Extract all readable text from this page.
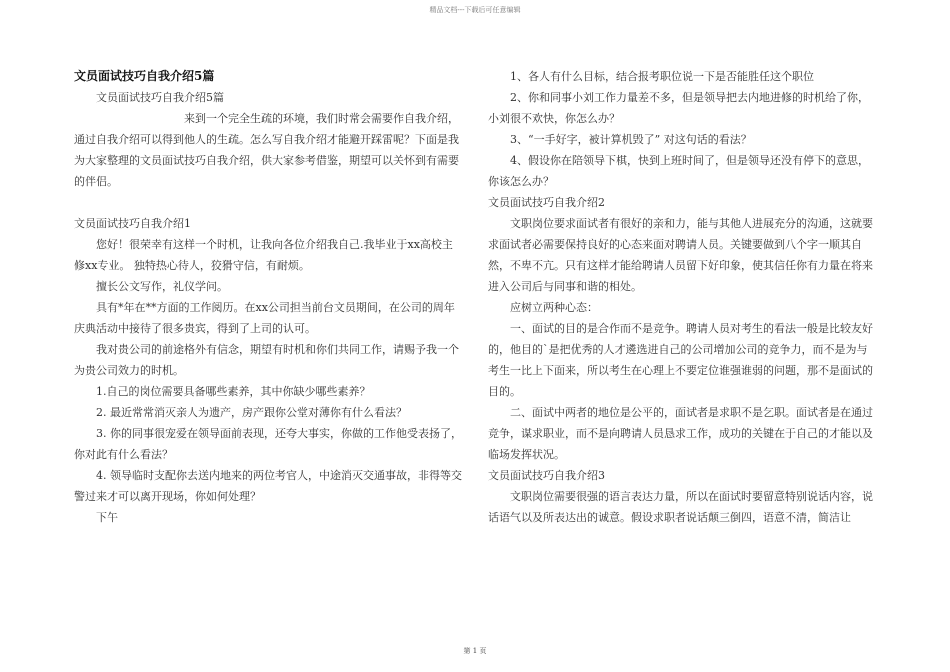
精品文档---下载后可任意编辑

文员面试技巧自我介绍5篇

文员面试技巧自我介绍5篇

来到一个完全生疏的环境，我们时常会需要作自我介绍，通过自我介绍可以得到他人的生疏。怎么写自我介绍才能避开踩雷呢？下面是我为大家整理的文员面试技巧自我介绍，供大家参考借鉴，期望可以关怀到有需要的伴侣。

文员面试技巧自我介绍1

您好！很荣幸有这样一个时机，让我向各位介绍我自己.我毕业于xx高校主修xx专业。 独特热心待人，狡猾守信，有耐烦。

擅长公文写作，礼仪学问。

具有*年在**方面的工作阅历。在xx公司担当前台文员期间，在公司的周年庆典活动中接待了很多贵宾，得到了上司的认可。

我对贵公司的前途格外有信念，期望有时机和你们共同工作，请赐予我一个为贵公司效力的时机。

1.自己的岗位需要具备哪些素养，其中你缺少哪些素养？

2. 最近常常消灭亲人为遗产，房产跟你公堂对薄你有什么看法？

3. 你的同事很宠爱在领导面前表现，还夸大事实，你做的工作他受表扬了，你对此有什么看法？

4. 领导临时支配你去送内地来的两位考官人，中途消灭交通事故，非得等交警过来才可以离开现场，你如何处理？

下午

1、各人有什么目标，结合报考职位说一下是否能胜任这个职位

2、你和同事小刘工作力量差不多，但是领导把去内地进修的时机给了你，小刘很不欢快，你怎么办？

3、“一手好字，被计算机毁了” 对这句话的看法？

4、假设你在陪领导下棋，快到上班时间了，但是领导还没有停下的意思，你该怎么办？

文员面试技巧自我介绍2

文职岗位要求面试者有很好的亲和力，能与其他人进展充分的沟通，这就要求面试者必需要保持良好的心态来面对聘请人员。关键要做到八个字一顺其自然，不卑不亢。只有这样才能给聘请人员留下好印象，使其信任你有力量在将来进入公司后与同事和谐的相处。

应树立两种心态：

一、面试的目的是合作而不是竞争。聘请人员对考生的看法一般是比较友好的，他目的`是把优秀的人才遴选进自己的公司增加公司的竞争力，而不是为与考生一比上下面来，所以考生在心理上不要定位谁强谁弱的问题，那不是面试的目的。

二、面试中两者的地位是公平的，面试者是求职不是乞职。面试者是在通过竞争，谋求职业，而不是向聘请人员恳求工作，成功的关键在于自己的才能以及临场发挥状况。

文员面试技巧自我介绍3

文职岗位需要很强的语言表达力量，所以在面试时要留意特别说话内容，说话语气以及所表达出的诚意。假设求职者说话颠三倒四，语意不清，简洁让

第 1 页
